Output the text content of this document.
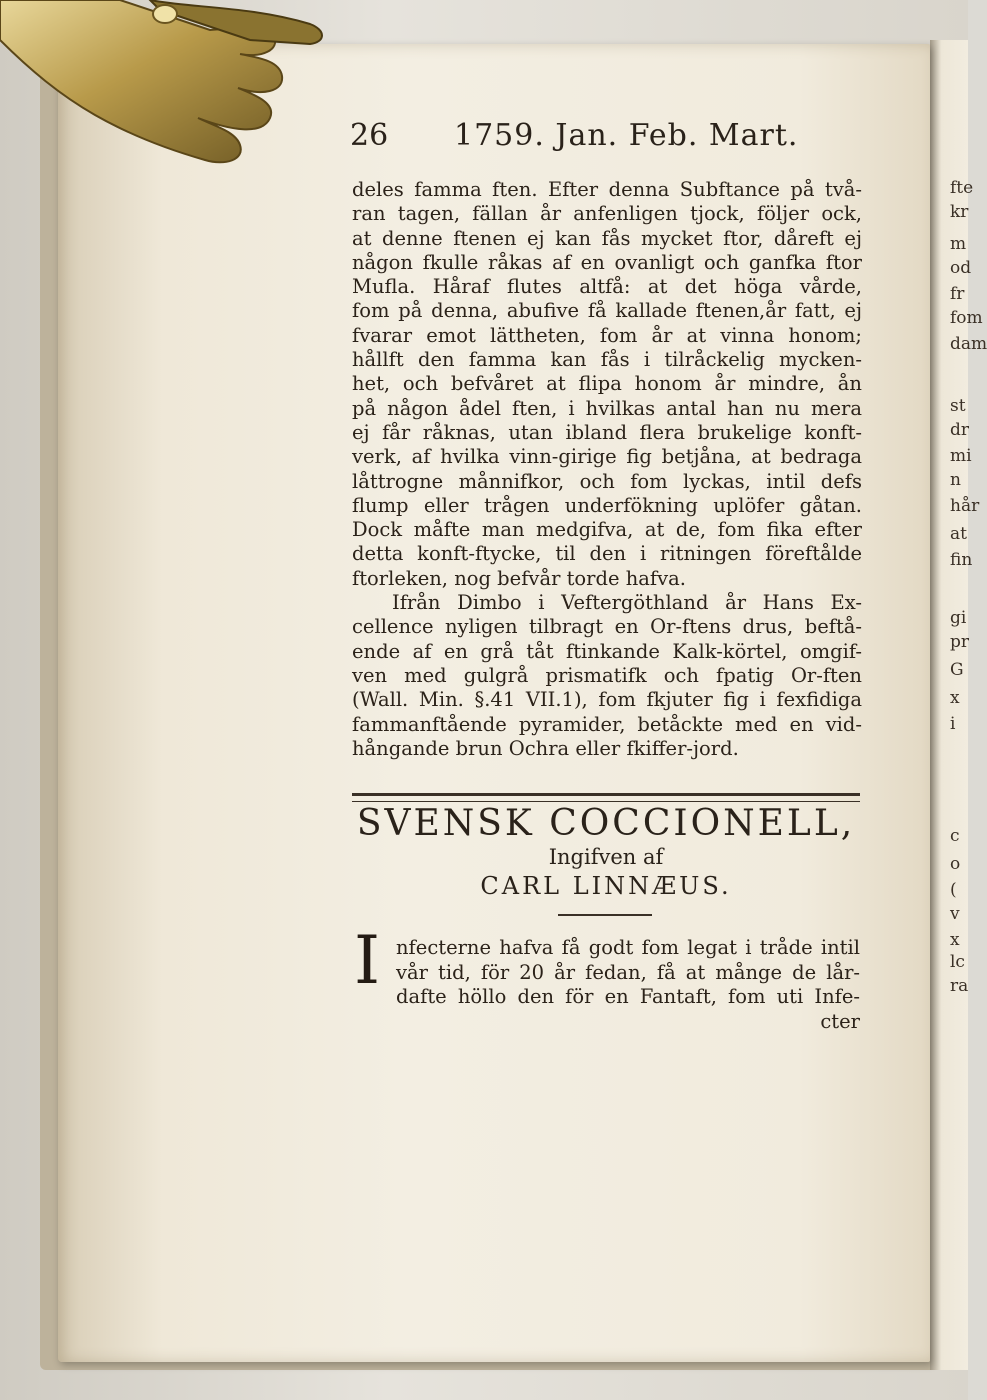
fte
kr
m
od
fr
fom
dam
st
dr
mi
n
hår
at
fin
gi
pr
G
x
i
c
o
(
v
x
lc
ra
26 1759. Jan. Feb. Mart.
deles famma ften. Efter denna Subftance på två-
ran tagen, fällan år anfenligen tjock, följer ock,
at denne ftenen ej kan fås mycket ftor, dåreft ej
någon fkulle råkas af en ovanligt och ganfka ftor
Mufla. Håraf flutes altfå: at det höga vårde,
fom på denna, abufive få kallade ftenen,år fatt, ej
fvarar emot lättheten, fom år at vinna honom;
hållft den famma kan fås i tilråckelig mycken-
het, och befvåret at flipa honom år mindre, ån
på någon ådel ften, i hvilkas antal han nu mera
ej får råknas, utan ibland flera brukelige konft-
verk, af hvilka vinn-girige fig betjåna, at bedraga
låttrogne månnifkor, och fom lyckas, intil defs
flump eller trågen underfökning uplöfer gåtan.
Dock måfte man medgifva, at de, fom fika efter
detta konft-ftycke, til den i ritningen föreftålde
ftorleken, nog befvår torde hafva.
Ifrån Dimbo i Veftergöthland år Hans Ex-
cellence nyligen tilbragt en Or-ftens drus, beftå-
ende af en grå tåt ftinkande Kalk-körtel, omgif-
ven med gulgrå prismatifk och fpatig Or-ften
(Wall. Min. §.41 VII.1), fom fkjuter fig i fexfidiga
fammanftående pyramider, betåckte med en vid-
hångande brun Ochra eller fkiffer-jord.
SVENSK COCCIONELL,
Ingifven af
CARL LINNÆUS.
I nfecterne hafva få godt fom legat i tråde intil
vår tid, för 20 år fedan, få at månge de lår-
dafte höllo den för en Fantaft, fom uti Infe-
cter
